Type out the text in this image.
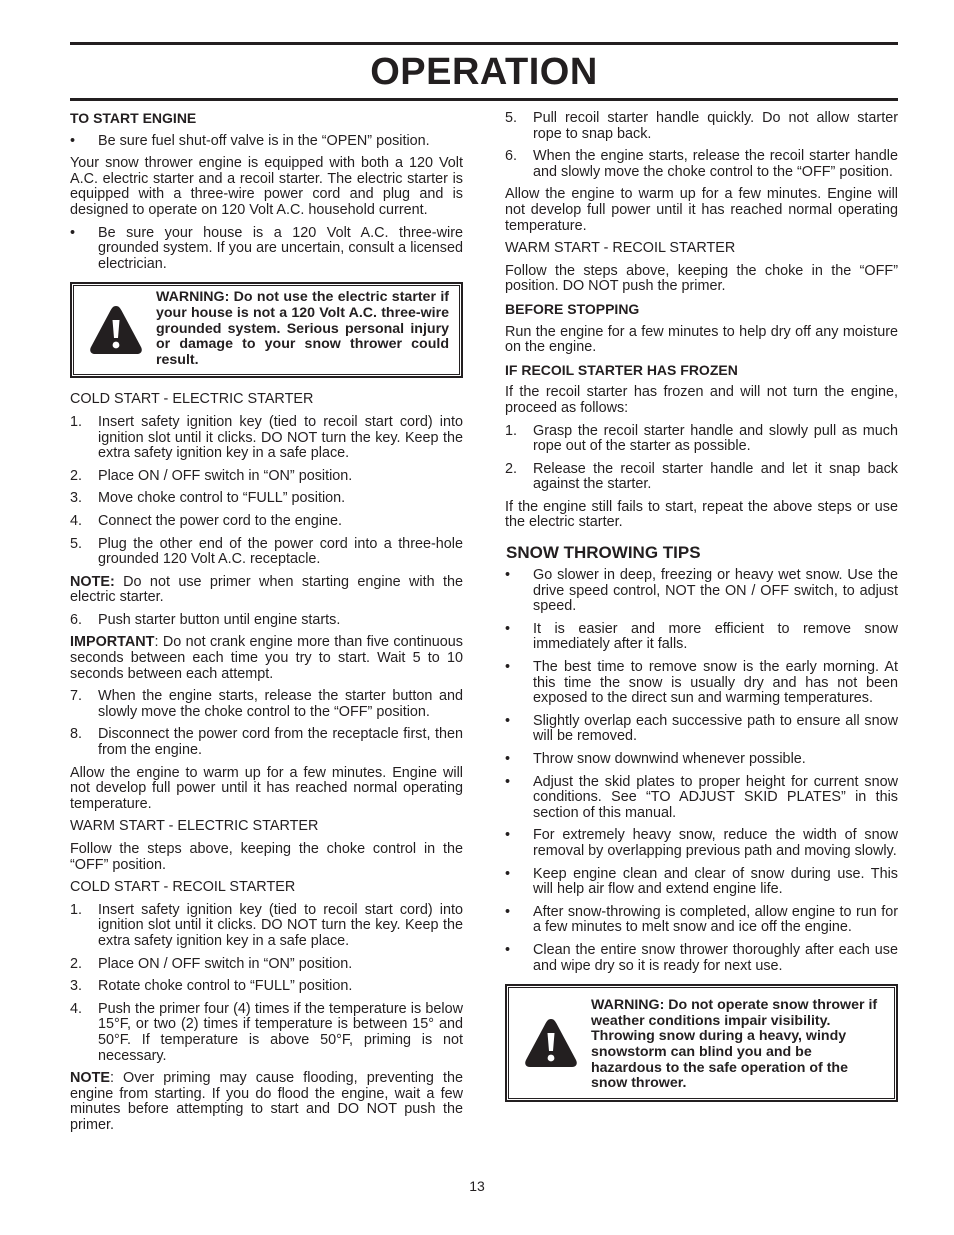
OPERATION
TO START ENGINE
• Be sure fuel shut-off valve is in the “OPEN” position.

Your snow thrower engine is equipped with both a 120 Volt A.C. electric starter and a recoil starter. The electric starter is equipped with a three-wire power cord and plug and is designed to operate on 120 Volt A.C. household current.

• Be sure your house is a 120 Volt A.C. three-wire grounded system. If you are uncertain, consult a licensed electrician.
WARNING: Do not use the electric starter if your house is not a 120 Volt A.C. three-wire grounded system. Serious personal injury or damage to your snow thrower could result.
COLD START - ELECTRIC STARTER
1. Insert safety ignition key (tied to recoil start cord) into ignition slot until it clicks. DO NOT turn the key. Keep the extra safety ignition key in a safe place.
2. Place ON / OFF switch in “ON” position.
3. Move choke control to “FULL” position.
4. Connect the power cord to the engine.
5. Plug the other end of the power cord into a three-hole grounded 120 Volt A.C. receptacle.

NOTE: Do not use primer when starting engine with the electric starter.

6. Push starter button until engine starts.

IMPORTANT: Do not crank engine more than five continuous seconds between each time you try to start. Wait 5 to 10 seconds between each attempt.

7. When the engine starts, release the starter button and slowly move the choke control to the “OFF” position.
8. Disconnect the power cord from the receptacle first, then from the engine.

Allow the engine to warm up for a few minutes. Engine will not develop full power until it has reached normal operating temperature.

WARM START - ELECTRIC STARTER

Follow the steps above, keeping the choke control in the “OFF” position.

COLD START - RECOIL STARTER
1. Insert safety ignition key (tied to recoil start cord) into ignition slot until it clicks. DO NOT turn the key. Keep the extra safety ignition key in a safe place.
2. Place ON / OFF switch in “ON” position.
3. Rotate choke control to “FULL” position.
4. Push the primer four (4) times if the temperature is below 15°F, or two (2) times if temperature is between 15° and 50°F. If temperature is above 50°F, priming is not necessary.

NOTE: Over priming may cause flooding, preventing the engine from starting. If you do flood the engine, wait a few minutes before attempting to start and DO NOT push the primer.

5. Pull recoil starter handle quickly. Do not allow starter rope to snap back.
6. When the engine starts, release the recoil starter handle and slowly move the choke control to the “OFF” position.

Allow the engine to warm up for a few minutes. Engine will not develop full power until it has reached normal operating temperature.

WARM START - RECOIL STARTER

Follow the steps above, keeping the choke in the “OFF” position. DO NOT push the primer.

BEFORE STOPPING

Run the engine for a few minutes to help dry off any moisture on the engine.

IF RECOIL STARTER HAS FROZEN

If the recoil starter has frozen and will not turn the engine, proceed as follows:

1. Grasp the recoil starter handle and slowly pull as much rope out of the starter as possible.
2. Release the recoil starter handle and let it snap back against the starter.

If the engine still fails to start, repeat the above steps or use the electric starter.

SNOW THROWING TIPS
• Go slower in deep, freezing or heavy wet snow. Use the drive speed control, NOT the ON / OFF switch, to adjust speed.
• It is easier and more efficient to remove snow immediately after it falls.
• The best time to remove snow is the early morning. At this time the snow is usually dry and has not been exposed to the direct sun and warming temperatures.
• Slightly overlap each successive path to ensure all snow will be removed.
• Throw snow downwind whenever possible.
• Adjust the skid plates to proper height for current snow conditions. See “TO ADJUST SKID PLATES” in this section of this manual.
• For extremely heavy snow, reduce the width of snow removal by overlapping previous path and moving slowly.
• Keep engine clean and clear of snow during use. This will help air flow and extend engine life.
• After snow-throwing is completed, allow engine to run for a few minutes to melt snow and ice off the engine.
• Clean the entire snow thrower thoroughly after each use and wipe dry so it is ready for next use.
WARNING: Do not operate snow thrower if weather conditions impair visibility. Throwing snow during a heavy, windy snowstorm can blind you and be hazardous to the safe operation of the snow thrower.
13
